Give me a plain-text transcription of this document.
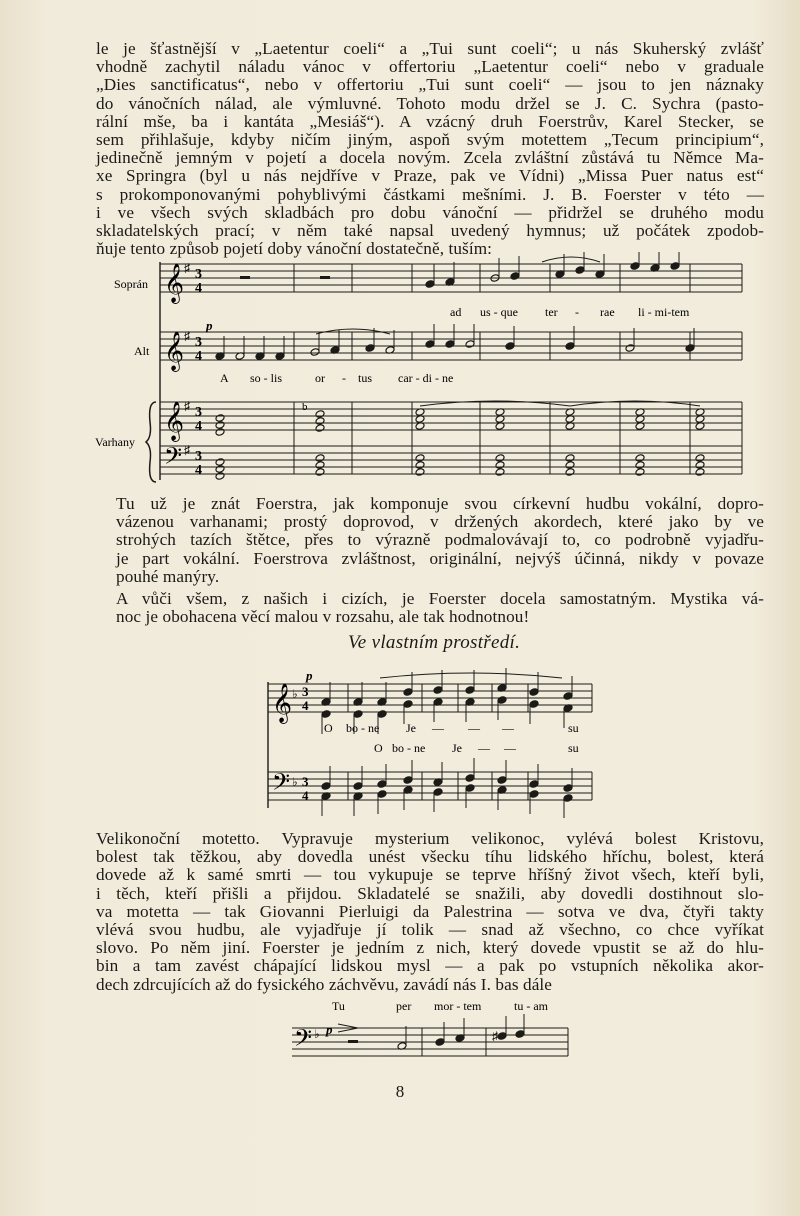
le je šťastnější v „Laetentur coeli“ a „Tui sunt coeli“; u nás Skuherský zvlášť
vhodně zachytil náladu vánoc v offertoriu „Laetentur coeli“ nebo v graduale
„Dies sanctificatus“, nebo v offertoriu „Tui sunt coeli“ — jsou to jen náznaky
do vánočních nálad, ale výmluvné. Tohoto modu držel se J. C. Sychra (pasto-
rální mše, ba i kantáta „Mesiáš“). A vzácný druh Foerstrův, Karel Stecker, se
sem přihlašuje, kdyby ničím jiným, aspoň svým motettem „Tecum principium“,
jedinečně jemným v pojetí a docela novým. Zcela zvláštní zůstává tu Němce Ma-
xe Springra (byl u nás nejdříve v Praze, pak ve Vídni) „Missa Puer natus est“
s prokomponovanými pohyblivými částkami mešními. J. B. Foerster v této —
i ve všech svých skladbách pro dobu vánoční — přidržel se druhého modu
skladatelských prací; v něm také napsal uvedený hymnus; už počátek zpodob-
ňuje tento způsob pojetí doby vánoční dostatečně, tuším:
Soprán
Alt
Varhany
𝄞
𝄞
𝄞
𝄢
♯
♯
♯
♯
b
p
3
4
3
4
3
4
3
4
ad us - que ter - rae li - mi-tem
A so - lis	or - tus car - di - ne
Tu už je znát Foerstra, jak komponuje svou církevní hudbu vokální, dopro-
vázenou varhanami; prostý doprovod, v držených akordech, které jako by ve
strohých tazích štětce, přes to výrazně podmalovávají to, co podrobně vyjadřu-
je part vokální. Foerstrova zvláštnost, originální, nejvýš účinná, nikdy v povaze
pouhé manýry.
A vůči všem, z našich i cizích, je Foerster docela samostatným. Mystika vá-
noc je obohacena věcí malou v rozsahu, ale tak hodnotnou!
Ve vlastním prostředí.
𝄞
𝄢
♭
♭
p
3
4
3
4
O bo - ne Je — — —	su
O bo - ne Je — —	su
Velikonoční motetto. Vypravuje mysterium velikonoc, vylévá bolest Kristovu,
bolest tak těžkou, aby dovedla unést všecku tíhu lidského hříchu, bolest, která
dovede až k samé smrti — tou vykupuje se teprve hříšný život všech, kteří byli,
i těch, kteří přišli a přijdou. Skladatelé se snažili, aby dovedli dostihnout slo-
va motetta — tak Giovanni Pierluigi da Palestrina — sotva ve dva, čtyři takty
vlévá svou hudbu, ale vyjadřuje jí tolik — snad až všechno, co chce vyříkat
slovo. Po něm jiní. Foerster je jedním z nich, který dovede vpustit se až do hlu-
bin a tam zavést chápající lidskou mysl — a pak po vstupních několika akor-
dech zdrcujících až do fysického záchvěvu, zavádí nás I. bas dále
𝄢 ♭	♯
Tu	per mor - tem	tu - am
p
8
